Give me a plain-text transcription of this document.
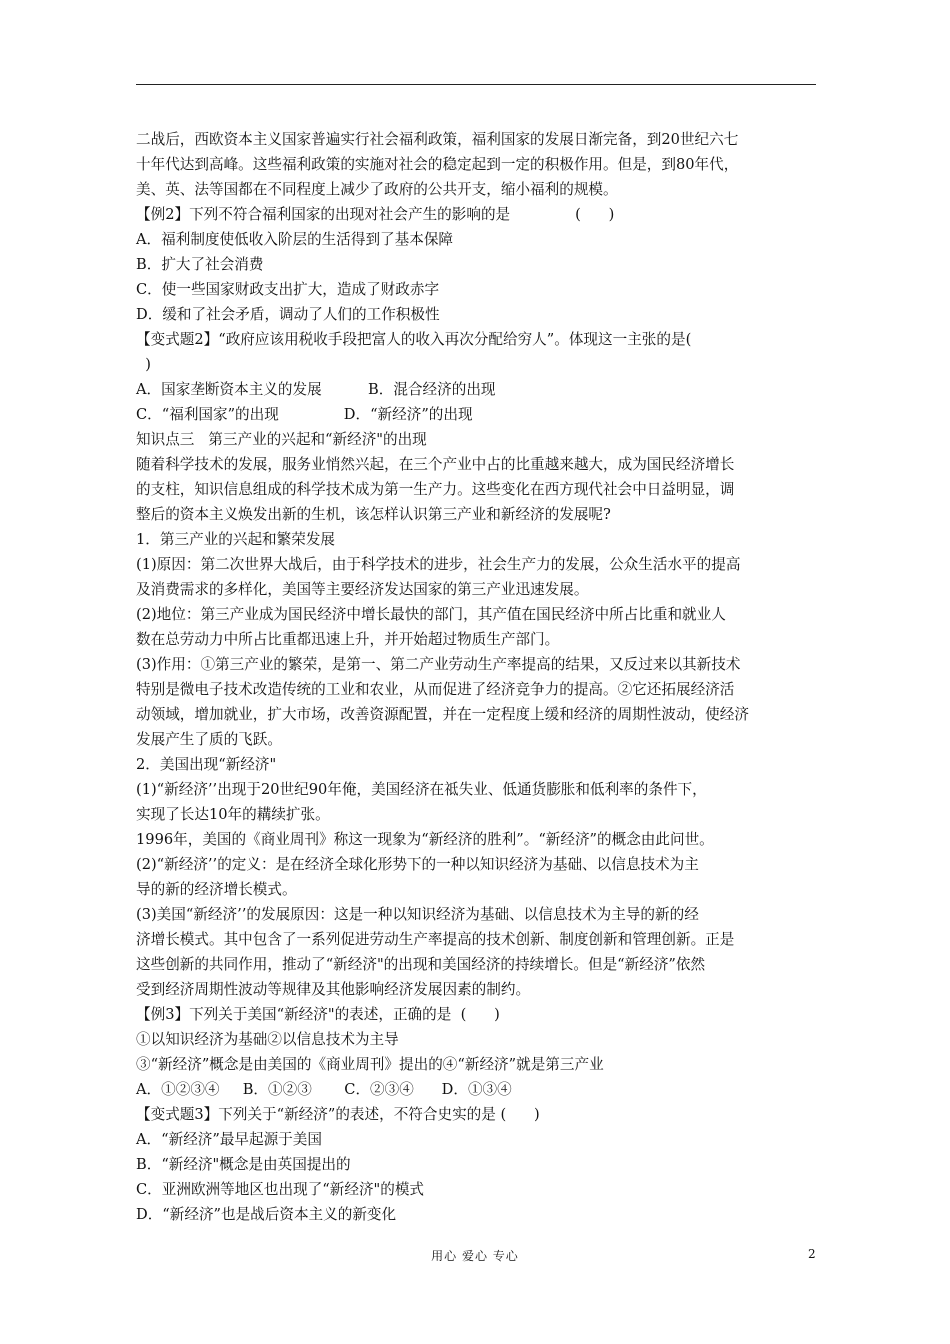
二战后，西欧资本主义国家普遍实行社会福利政策，福利国家的发展日渐完备，到20世纪六七

十年代达到高峰。这些福利政策的实施对社会的稳定起到一定的积极作用。但是，到80年代，

美、英、法等国都在不同程度上减少了政府的公共开支，缩小福利的规模。

【例2】下列不符合福利国家的出现对社会产生的影响的是              (      )

A．福利制度使低收入阶层的生活得到了基本保障

B．扩大了社会消费

C．使一些国家财政支出扩大，造成了财政赤字

D．缓和了社会矛盾，调动了人们的工作积极性

【变式题2】“政府应该用税收手段把富人的收入再次分配给穷人”。体现这一主张的是(

)

A．国家垄断资本主义的发展          B．混合经济的出现

C．“福利国家”的出现              D．“新经济”的出现

知识点三   第三产业的兴起和“新经济"的出现

随着科学技术的发展，服务业悄然兴起，在三个产业中占的比重越来越大，成为国民经济增长

的支柱，知识信息组成的科学技术成为第一生产力。这些变化在西方现代社会中日益明显，调

整后的资本主义焕发出新的生机，该怎样认识第三产业和新经济的发展呢?

1．第三产业的兴起和繁荣发展

(1)原因：第二次世界大战后，由于科学技术的进步，社会生产力的发展，公众生活水平的提高

及消费需求的多样化，美国等主要经济发达国家的第三产业迅速发展。

(2)地位：第三产业成为国民经济中增长最快的部门，其产值在国民经济中所占比重和就业人

数在总劳动力中所占比重都迅速上升，并开始超过物质生产部门。

(3)作用：①第三产业的繁荣，是第一、第二产业劳动生产率提高的结果，又反过来以其新技术

特别是微电子技术改造传统的工业和农业，从而促进了经济竞争力的提高。②它还拓展经济活

动领域，增加就业，扩大市场，改善资源配置，并在一定程度上缓和经济的周期性波动，使经济

发展产生了质的飞跃。

2．美国出现“新经济"

(1)“新经济’’出现于20世纪90年俺，美国经济在祗失业、低通货膨胀和低利率的条件下，

实现了长达10年的耩续扩张。

1996年，美国的《商业周刊》称这一现象为“新经济的胜利”。“新经济”的概念由此问世。

(2)“新经济’’的定义：是在经济全球化形势下的一种以知识经济为基础、以信息技术为主

导的新的经济增长模式。

(3)美国“新经济’’的发展原因：这是一种以知识经济为基础、以信息技术为主导的新的经

济增长模式。其中包含了一系列促进劳动生产率提高的技术创新、制度创新和管理创新。正是

这些创新的共同作用，推动了“新经济"的出现和美国经济的持续增长。但是“新经济”依然

受到经济周期性波动等规律及其他影响经济发展因素的制约。

【例3】下列关于美国“新经济"的表述，正确的是  (      )

①以知识经济为基础②以信息技术为主导

③“新经济”概念是由美国的《商业周刊》提出的④“新经济”就是第三产业

A．①②③④     B．①②③       C．②③④      D．①③④

【变式题3】下列关于“新经济”的表述，不符合史实的是 (      )

A．“新经济”最早起源于美国

B．“新经济"概念是由英国提出的

C．亚洲欧洲等地区也出现了“新经济"的模式

D．“新经济”也是战后资本主义的新变化

用心 爱心 专心	2
